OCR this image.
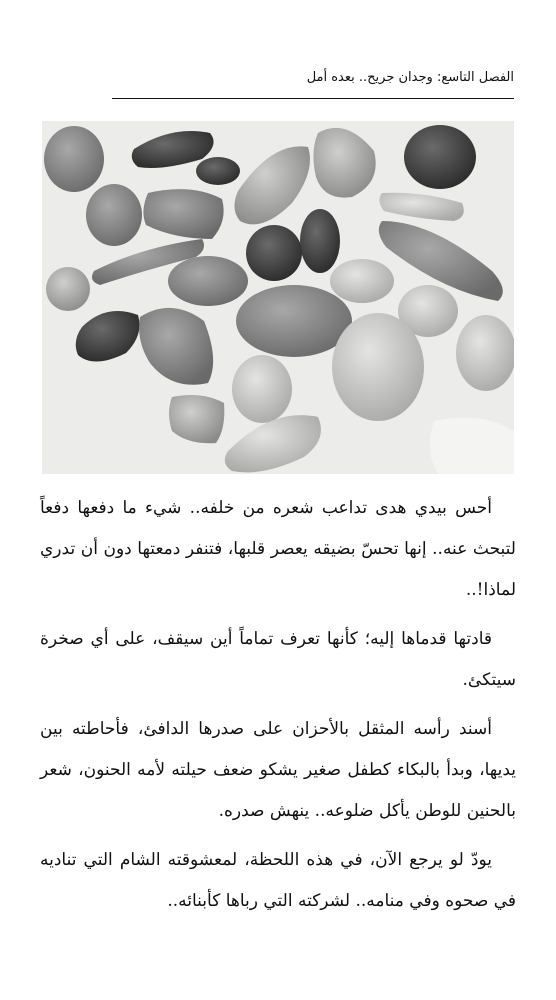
الفصل التاسع: وجدان جريح.. بعده أمل

أحس بيدي هدى تداعب شعره من خلفه.. شيء ما دفعها دفعاً لتبحث عنه.. إنها تحسّ بضيقه يعصر قلبها، فتنفر دمعتها دون أن تدري لماذا!..

قادتها قدماها إليه؛ كأنها تعرف تماماً أين سيقف، على أي صخرة سيتكئ.

أسند رأسه المثقل بالأحزان على صدرها الدافئ، فأحاطته بين يديها، وبدأ بالبكاء كطفل صغير يشكو ضعف حيلته لأمه الحنون، شعر بالحنين للوطن يأكل ضلوعه.. ينهش صدره.

يودّ لو يرجع الآن، في هذه اللحظة، لمعشوقته الشام التي تناديه في صحوه وفي منامه.. لشركته التي رباها كأبنائه..
